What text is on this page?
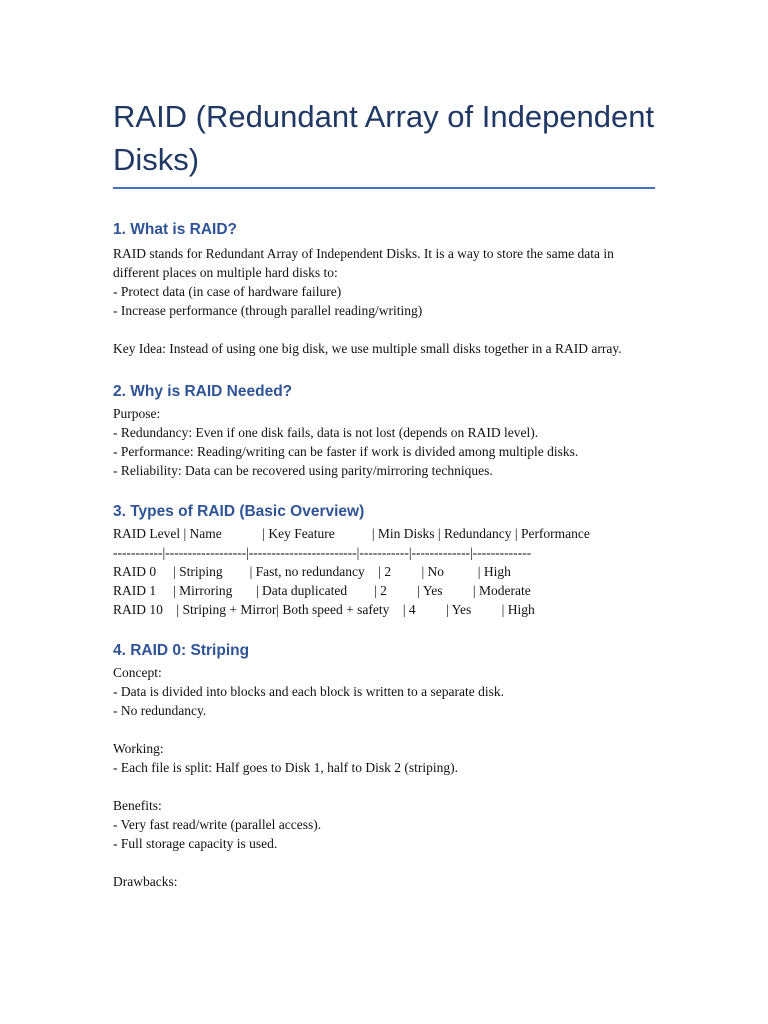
RAID (Redundant Array of Independent Disks)
1. What is RAID?

RAID stands for Redundant Array of Independent Disks. It is a way to store the same data in

different places on multiple hard disks to:

- Protect data (in case of hardware failure)

- Increase performance (through parallel reading/writing)

Key Idea: Instead of using one big disk, we use multiple small disks together in a RAID array.

2. Why is RAID Needed?

Purpose:

- Redundancy: Even if one disk fails, data is not lost (depends on RAID level).

- Performance: Reading/writing can be faster if work is divided among multiple disks.

- Reliability: Data can be recovered using parity/mirroring techniques.

3. Types of RAID (Basic Overview)

RAID Level | Name            | Key Feature           | Min Disks | Redundancy | Performance

-----------|------------------|------------------------|-----------|-------------|-------------

RAID 0     | Striping        | Fast, no redundancy    | 2         | No          | High

RAID 1     | Mirroring       | Data duplicated        | 2         | Yes         | Moderate

RAID 10    | Striping + Mirror| Both speed + safety    | 4         | Yes         | High

4. RAID 0: Striping

Concept:

- Data is divided into blocks and each block is written to a separate disk.

- No redundancy.

Working:

- Each file is split: Half goes to Disk 1, half to Disk 2 (striping).

Benefits:

- Very fast read/write (parallel access).

- Full storage capacity is used.

Drawbacks:
